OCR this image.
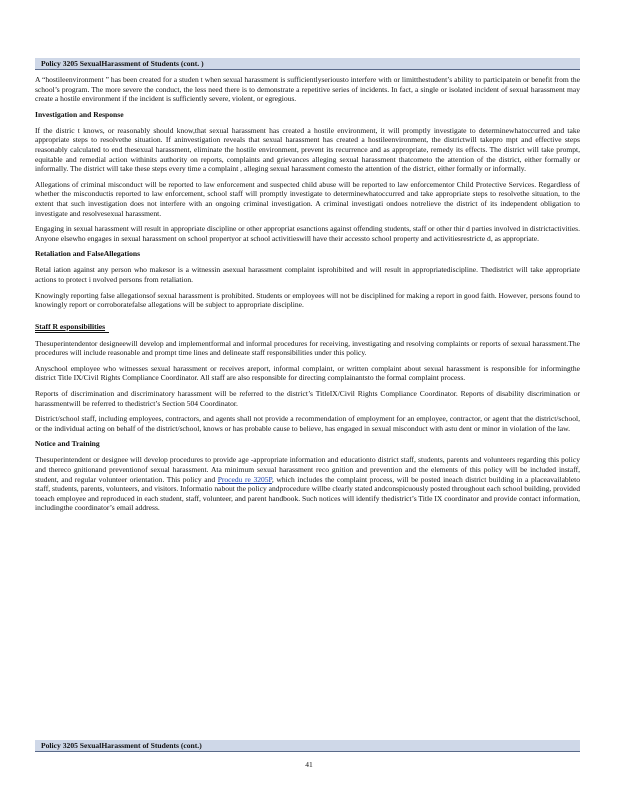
Policy 3205 SexualHarassment of Students (cont. )

A “hostileenvironment ” has been created for a studen t when sexual harassment is sufficientlyseriousto interfere with or limitthestudent’s ability to participatein or benefit from the school’s program. The more severe the conduct, the less need there is to demonstrate a repetitive series of incidents. In fact, a single or isolated incident of sexual harassment may create a hostile environment if the incident is sufficiently severe, violent, or egregious.

Investigation and Response

If the distric t knows, or reasonably should know,that sexual harassment has created a hostile environment, it will promptly investigate to determinewhatoccurred and take appropriate steps to resolvethe situation. If aninvestigation reveals that sexual harassment has created a hostileenvironment, the districtwill takepro mpt and effective steps reasonably calculated to end thesexual harassment, eliminate the hostile environment, prevent its recurrence and as appropriate, remedy its effects. The district will take prompt, equitable and remedial action withinits authority on reports, complaints and grievances alleging sexual harassment thatcometo the attention of the district, either formally or informally. The district will take these steps every time a complaint , alleging sexual harassment comesto the attention of the district, either formally or informally.

Allegations of criminal misconduct will be reported to law enforcement and suspected child abuse will be reported to law enforcementor Child Protective Services. Regardless of whether the misconductis reported to law enforcement, school staff will promptly investigate to determinewhatoccurred and take appropriate steps to resolvethe situation, to the extent that such investigation does not interfere with an ongoing criminal investigation. A criminal investigati ondoes notrelieve the district of its independent obligation to investigate and resolvesexual harassment.

Engaging in sexual harassment will result in appropriate discipline or other appropriat esanctions against offending students, staff or other thir d parties involved in districtactivities. Anyone elsewho engages in sexual harassment on school propertyor at school activitieswill have their accessto school property and activitiesrestricte d, as appropriate.

Retaliation and FalseAllegations

Retal iation against any person who makesor is a witnessin asexual harassment complaint isprohibited and will result in appropriatediscipline. Thedistrict will take appropriate actions to protect i nvolved persons from retaliation.

Knowingly reporting false allegationsof sexual harassment is prohibited. Students or employees will not be disciplined for making a report in good faith. However, persons found to knowingly report or corroboratefalse allegations will be subject to appropriate discipline.

Staff R esponsibilities

Thesuperintendentor designeewill develop and implementformal and informal procedures for receiving, investigating and resolving complaints or reports of sexual harassment.The procedures will include reasonable and prompt time lines and delineate staff responsibilities under this policy.

Anyschool employee who witnesses sexual harassment or receives areport, informal complaint, or written complaint about sexual harassment is responsible for informingthe district Title IX/Civil Rights Compliance Coordinator. All staff are also responsible for directing complainantsto the formal complaint process.

Reports of discrimination and discriminatory harassment will be referred to the district’s TitleIX/Civil Rights Compliance Coordinator. Reports of disability discrimination or harassmentwill be referred to thedistrict’s Section 504 Coordinator.

District/school staff, including employees, contractors, and agents shall not provide a recommendation of employment for an employee, contractor, or agent that the district/school, or the individual acting on behalf of the district/school, knows or has probable cause to believe, has engaged in sexual misconduct with astu dent or minor in violation of the law.

Notice and Training

Thesuperintendent or designee will develop procedures to provide age -appropriate information and educationto district staff, students, parents and volunteers regarding this policy and thereco gnitionand preventionof sexual harassment. Ata minimum sexual harassment reco gnition and prevention and the elements of this policy will be included instaff, student, and regular volunteer orientation. This policy and Procedu re 3205P, which includes the complaint process, will be posted ineach district building in a placeavailableto staff, students, parents, volunteers, and visitors. Informatio nabout the policy andprocedure willbe clearly stated andconspicuously posted throughout each school building, provided toeach employee and reproduced in each student, staff, volunteer, and parent handbook. Such notices will identify thedistrict’s Title IX coordinator and provide contact information, includingthe coordinator’s email address.

Policy 3205 SexualHarassment of Students (cont.)
41
